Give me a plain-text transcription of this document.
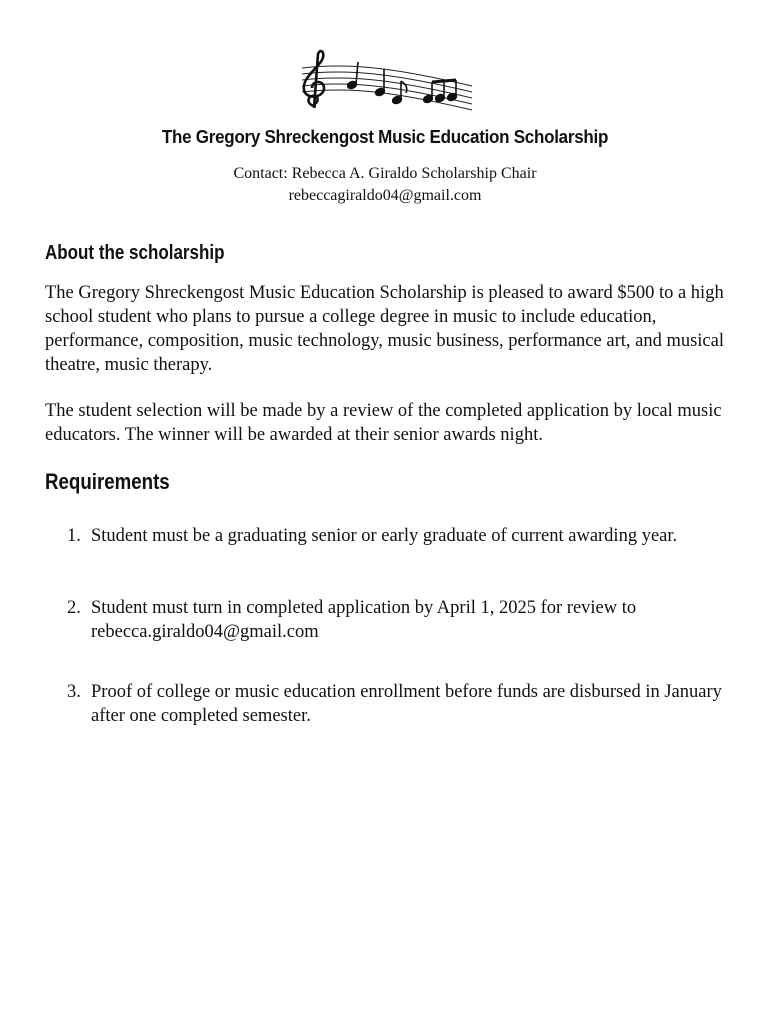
The Gregory Shreckengost Music Education Scholarship
Contact: Rebecca A. Giraldo Scholarship Chair
rebeccagiraldo04@gmail.com
About the scholarship
The Gregory Shreckengost Music Education Scholarship is pleased to award $500 to a high school student who plans to pursue a college degree in music to include education, performance, composition, music technology, music business, performance art, and musical theatre, music therapy.
The student selection will be made by a review of the completed application by local music educators. The winner will be awarded at their senior awards night.
Requirements
1. Student must be a graduating senior or early graduate of current awarding year.
2. Student must turn in completed application by April 1, 2025 for review to rebecca.giraldo04@gmail.com
3. Proof of college or music education enrollment before funds are disbursed in January after one completed semester.
